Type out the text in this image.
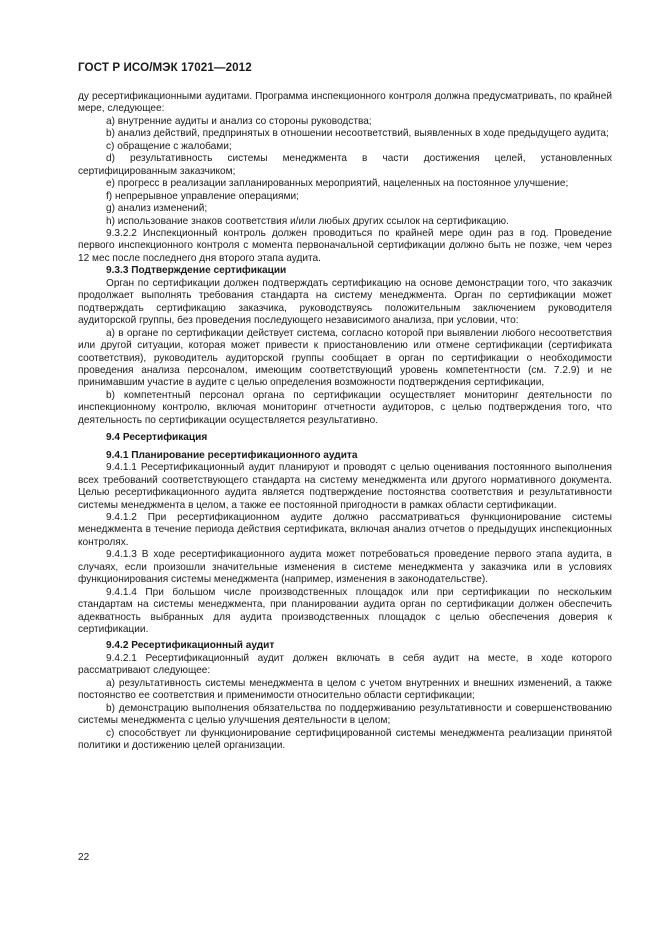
ГОСТ Р ИСО/МЭК 17021—2012

ду ресертификационными аудитами. Программа инспекционного контроля должна предусматривать, по крайней мере, следующее:

а) внутренние аудиты и анализ со стороны руководства;

b) анализ действий, предпринятых в отношении несоответствий, выявленных в ходе предыдущего аудита;

c) обращение с жалобами;

d) результативность системы менеджмента в части достижения целей, установленных сертифицированным заказчиком;

e) прогресс в реализации запланированных мероприятий, нацеленных на постоянное улучшение;

f) непрерывное управление операциями;

g) анализ изменений;

h) использование знаков соответствия и/или любых других ссылок на сертификацию.

9.3.2.2 Инспекционный контроль должен проводиться по крайней мере один раз в год. Проведение первого инспекционного контроля с момента первоначальной сертификации должно быть не позже, чем через 12 мес после последнего дня второго этапа аудита.

9.3.3 Подтверждение сертификации

Орган по сертификации должен подтверждать сертификацию на основе демонстрации того, что заказчик продолжает выполнять требования стандарта на систему менеджмента. Орган по сертификации может подтверждать сертификацию заказчика, руководствуясь положительным заключением руководителя аудиторской группы, без проведения последующего независимого анализа, при условии, что:

а) в органе по сертификации действует система, согласно которой при выявлении любого несоответствия или другой ситуации, которая может привести к приостановлению или отмене сертификации (сертификата соответствия), руководитель аудиторской группы сообщает в орган по сертификации о необходимости проведения анализа персоналом, имеющим соответствующий уровень компетентности (см. 7.2.9) и не принимавшим участие в аудите с целью определения возможности подтверждения сертификации,

b) компетентный персонал органа по сертификации осуществляет мониторинг деятельности по инспекционному контролю, включая мониторинг отчетности аудиторов, с целью подтверждения того, что деятельность по сертификации осуществляется результативно.

9.4 Ресертификация

9.4.1 Планирование ресертификационного аудита

9.4.1.1 Ресертификационный аудит планируют и проводят с целью оценивания постоянного выполнения всех требований соответствующего стандарта на систему менеджмента или другого нормативного документа. Целью ресертификационного аудита является подтверждение постоянства соответствия и результативности системы менеджмента в целом, а также ее постоянной пригодности в рамках области сертификации.

9.4.1.2 При ресертификационном аудите должно рассматриваться функционирование системы менеджмента в течение периода действия сертификата, включая анализ отчетов о предыдущих инспекционных контролях.

9.4.1.3 В ходе ресертификационного аудита может потребоваться проведение первого этапа аудита, в случаях, если произошли значительные изменения в системе менеджмента у заказчика или в условиях функционирования системы менеджмента (например, изменения в законодательстве).

9.4.1.4 При большом числе производственных площадок или при сертификации по нескольким стандартам на системы менеджмента, при планировании аудита орган по сертификации должен обеспечить адекватность выбранных для аудита производственных площадок с целью обеспечения доверия к сертификации.

9.4.2 Ресертификационный аудит

9.4.2.1 Ресертификационный аудит должен включать в себя аудит на месте, в ходе которого рассматривают следующее:

а) результативность системы менеджмента в целом с учетом внутренних и внешних изменений, а также постоянство ее соответствия и применимости относительно области сертификации;

b) демонстрацию выполнения обязательства по поддерживанию результативности и совершенствованию системы менеджмента с целью улучшения деятельности в целом;

c) способствует ли функционирование сертифицированной системы менеджмента реализации принятой политики и достижению целей организации.

22
